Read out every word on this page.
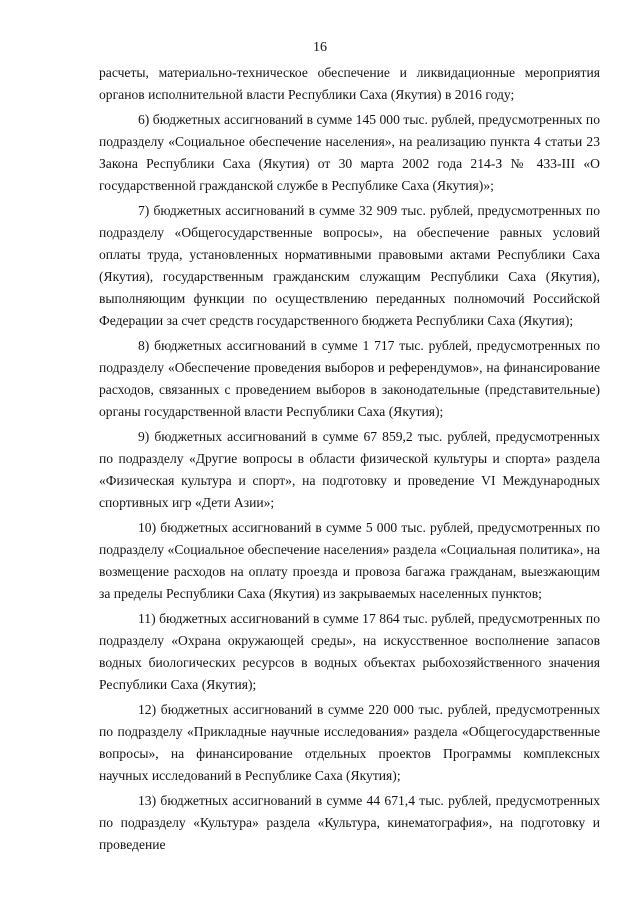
16

расчеты, материально-техническое обеспечение и ликвидационные мероприятия органов исполнительной власти Республики Саха (Якутия) в 2016 году;

6) бюджетных ассигнований в сумме 145 000 тыс. рублей, предусмотренных по подразделу «Социальное обеспечение населения», на реализацию пункта 4 статьи 23 Закона Республики Саха (Якутия) от 30 марта 2002 года 214-З № 433-III «О государственной гражданской службе в Республике Саха (Якутия)»;

7) бюджетных ассигнований в сумме 32 909 тыс. рублей, предусмотренных по подразделу «Общегосударственные вопросы», на обеспечение равных условий оплаты труда, установленных нормативными правовыми актами Республики Саха (Якутия), государственным гражданским служащим Республики Саха (Якутия), выполняющим функции по осуществлению переданных полномочий Российской Федерации за счет средств государственного бюджета Республики Саха (Якутия);

8) бюджетных ассигнований в сумме 1 717 тыс. рублей, предусмотренных по подразделу «Обеспечение проведения выборов и референдумов», на финансирование расходов, связанных с проведением выборов в законодательные (представительные) органы государственной власти Республики Саха (Якутия);

9) бюджетных ассигнований в сумме 67 859,2 тыс. рублей, предусмотренных по подразделу «Другие вопросы в области физической культуры и спорта» раздела «Физическая культура и спорт», на подготовку и проведение VI Международных спортивных игр «Дети Азии»;

10) бюджетных ассигнований в сумме 5 000 тыс. рублей, предусмотренных по подразделу «Социальное обеспечение населения» раздела «Социальная политика», на возмещение расходов на оплату проезда и провоза багажа гражданам, выезжающим за пределы Республики Саха (Якутия) из закрываемых населенных пунктов;

11) бюджетных ассигнований в сумме 17 864 тыс. рублей, предусмотренных по подразделу «Охрана окружающей среды», на искусственное восполнение запасов водных биологических ресурсов в водных объектах рыбохозяйственного значения Республики Саха (Якутия);

12) бюджетных ассигнований в сумме 220 000 тыс. рублей, предусмотренных по подразделу «Прикладные научные исследования» раздела «Общегосударственные вопросы», на финансирование отдельных проектов Программы комплексных научных исследований в Республике Саха (Якутия);

13) бюджетных ассигнований в сумме 44 671,4 тыс. рублей, предусмотренных по подразделу «Культура» раздела «Культура, кинематография», на подготовку и проведение
